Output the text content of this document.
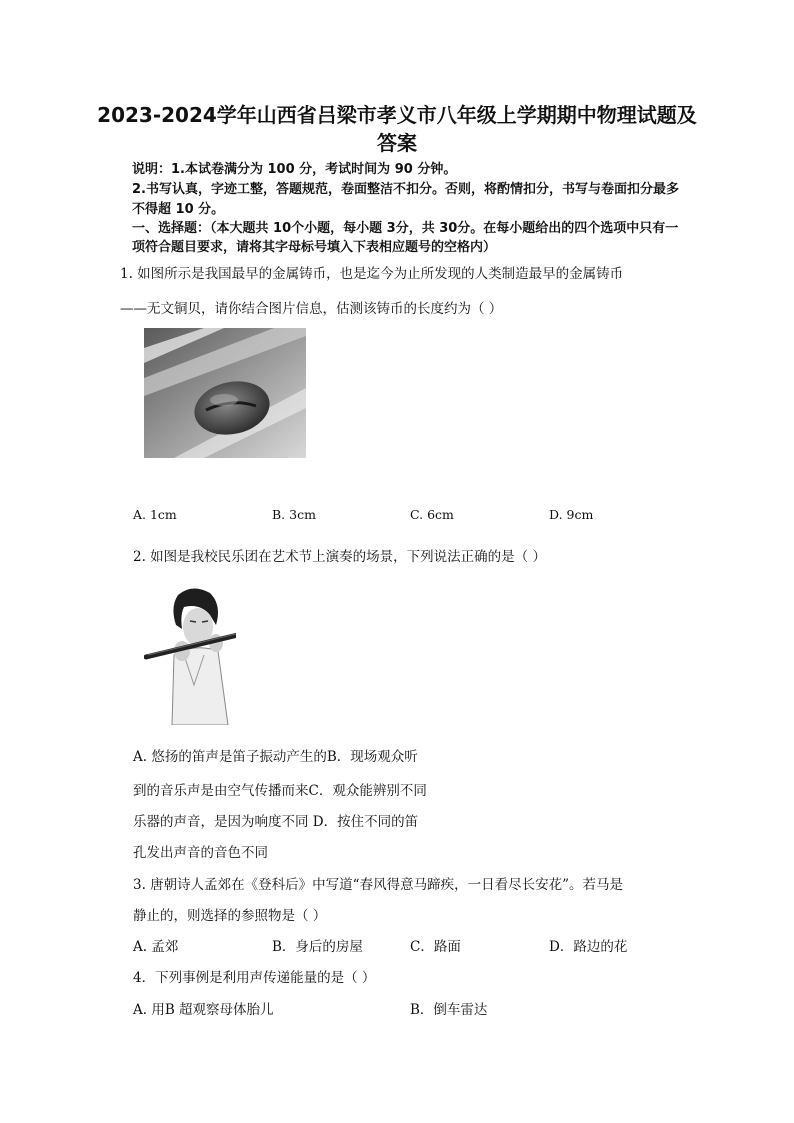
2023-2024学年山西省吕梁市孝义市八年级上学期期中物理试题及
答案
说明：1.本试卷满分为 100 分，考试时间为 90 分钟。
2.书写认真，字迹工整，答题规范，卷面整洁不扣分。否则，将酌情扣分，书写与卷面扣分最多
不得超 10 分。
一、选择题：（本大题共 10个小题，每小题 3分，共 30分。在每小题给出的四个选项中只有一
项符合题目要求，请将其字母标号填入下表相应题号的空格内）
1. 如图所示是我国最早的金属铸币，也是迄今为止所发现的人类制造最早的金属铸币
——无文铜贝，请你结合图片信息，估测该铸币的长度约为（ ）
A. 1cm	B. 3cm	C. 6cm	D. 9cm
2. 如图是我校民乐团在艺术节上演奏的场景，下列说法正确的是（ ）
A. 悠扬的笛声是笛子振动产生的B．现场观众听
到的音乐声是由空气传播而来C．观众能辨别不同
乐器的声音，是因为响度不同 D．按住不同的笛
孔发出声音的音色不同
3. 唐朝诗人孟郊在《登科后》中写道“春风得意马蹄疾，一日看尽长安花”。若马是
静止的，则选择的参照物是（ ）
A. 孟郊	B．身后的房屋	C．路面	D．路边的花
4．下列事例是利用声传递能量的是（ ）
A. 用B 超观察母体胎儿	B．倒车雷达
